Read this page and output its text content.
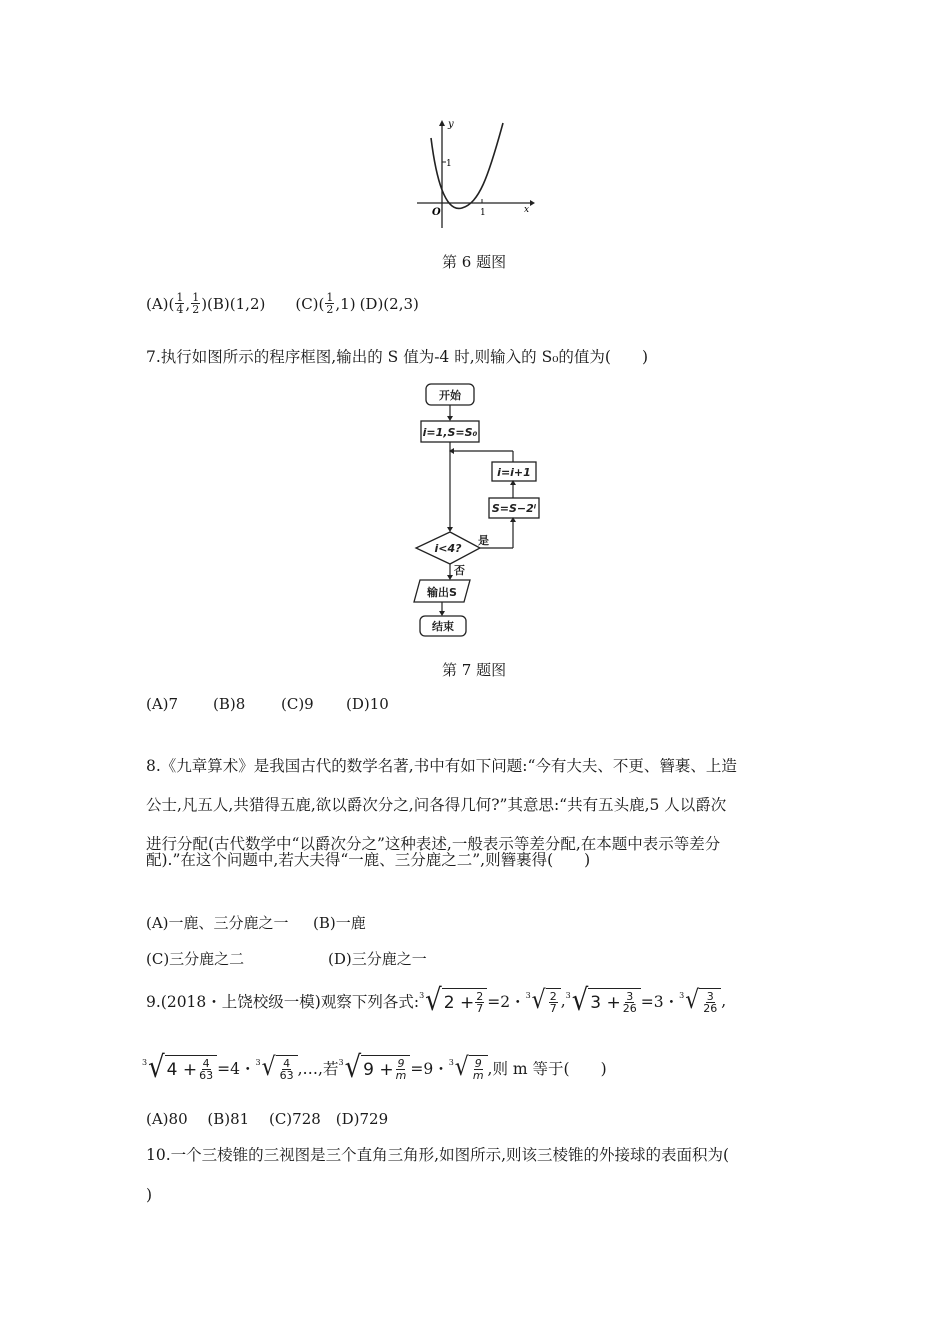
y
x
O
1
1
第 6 题图
(A) ( $\frac{1}{4}$ , $\frac{1}{2}$ ) (B)(1,2) (C) ( $\frac{1}{2} ,1$) (D)(2,3)
7.执行如图所示的程序框图,输出的 S 值为-4 时,则输入的 S₀的值为(　　)
开始
i=1,S=S₀
i=i+1
S=S−2ⁱ
i<4?
是
否
输出S
结束
第 7 题图
(A)7 (B)8 (C)9 (D)10
8.《九章算术》是我国古代的数学名著,书中有如下问题:“今有大夫、不更、簪裹、上造
公士,凡五人,共猎得五鹿,欲以爵次分之,问各得几何?”其意思:“共有五头鹿,5 人以爵次
进行分配(古代数学中“以爵次分之”这种表述,一般表示等差分配,在本题中表示等差分
配).”在这个问题中,若大夫得“一鹿、三分鹿之二”,则簪裹得(　　)
(A)一鹿、三分鹿之一 (B)一鹿
(C)三分鹿之二	(D)三分鹿之一
9.(2018・上饶校级一模)观察下列各式: 3 √ $2 + \frac{2}{7} =2$・ 3 √ $\frac{2}{7}$ , 3 √ $3 + \frac{3}{26} =3$・ 3 √ $\frac{3}{26}$ ,
3 √ $4 + \frac{4}{63} =4$・ 3 √ $\frac{4}{63}$ ,…,若 3 √ $9 + \frac{9}{m} =9$・ 3 √ $\frac{9}{m}$ ,则 m 等于(　　)
(A)80　 (B)81　 (C)728　(D)729
10.一个三棱锥的三视图是三个直角三角形,如图所示,则该三棱锥的外接球的表面积为(
)
